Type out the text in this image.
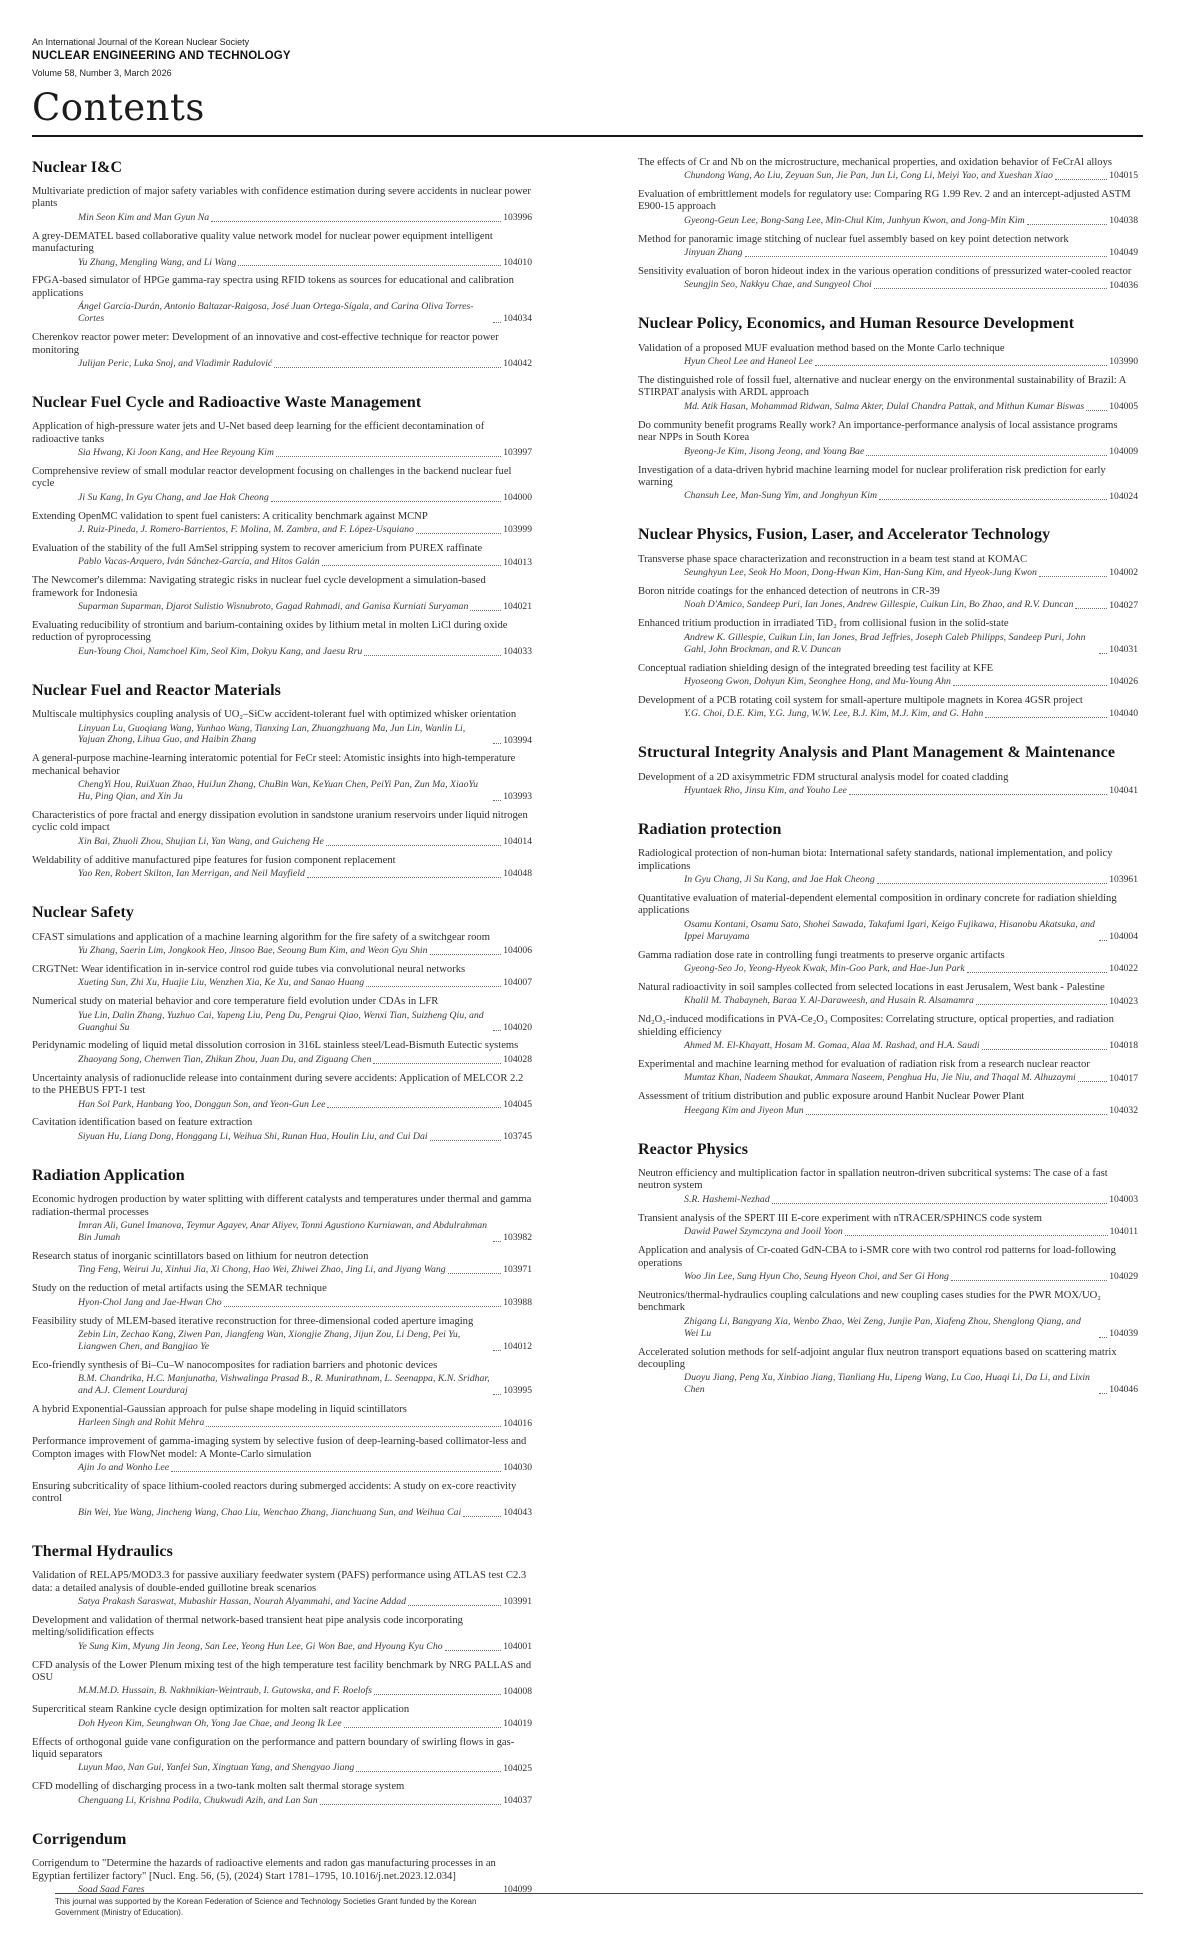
An International Journal of the Korean Nuclear Society
NUCLEAR ENGINEERING AND TECHNOLOGY
Volume 58, Number 3, March 2026
Contents
Nuclear I&C
Multivariate prediction of major safety variables with confidence estimation during severe accidents in nuclear power plants
Min Seon Kim and Man Gyun Na	103996
A grey-DEMATEL based collaborative quality value network model for nuclear power equipment intelligent manufacturing
Yu Zhang, Mengling Wang, and Li Wang	104010
FPGA-based simulator of HPGe gamma-ray spectra using RFID tokens as sources for educational and calibration applications
Ángel García-Durán, Antonio Baltazar-Raigosa, José Juan Ortega-Sígala, and Carina Oliva Torres-Cortes	104034
Cherenkov reactor power meter: Development of an innovative and cost-effective technique for reactor power monitoring
Julijan Peric, Luka Snoj, and Vladimir Radulović	104042
Nuclear Fuel Cycle and Radioactive Waste Management
Application of high-pressure water jets and U-Net based deep learning for the efficient decontamination of radioactive tanks
Sia Hwang, Ki Joon Kang, and Hee Reyoung Kim	103997
Comprehensive review of small modular reactor development focusing on challenges in the backend nuclear fuel cycle
Ji Su Kang, In Gyu Chang, and Jae Hak Cheong	104000
Extending OpenMC validation to spent fuel canisters: A criticality benchmark against MCNP
J. Ruiz-Pineda, J. Romero-Barrientos, F. Molina, M. Zambra, and F. López-Usquiano	103999
Evaluation of the stability of the full AmSel stripping system to recover americium from PUREX raffinate
Pablo Vacas-Arquero, Iván Sánchez-García, and Hitos Galán	104013
The Newcomer's dilemma: Navigating strategic risks in nuclear fuel cycle development a simulation-based framework for Indonesia
Suparman Suparman, Djarot Sulistio Wisnubroto, Gagad Rahmadi, and Ganisa Kurniati Suryaman	104021
Evaluating reducibility of strontium and barium-containing oxides by lithium metal in molten LiCl during oxide reduction of pyroprocessing
Eun-Young Choi, Namchoel Kim, Seol Kim, Dokyu Kang, and Jaesu Rru	104033
Nuclear Fuel and Reactor Materials
Multiscale multiphysics coupling analysis of UO₂–SiCw accident-tolerant fuel with optimized whisker orientation
Linyuan Lu, Guoqiang Wang, Yunhao Wang, Tianxing Lan, Zhuangzhuang Ma, Jun Lin, Wanlin Li, Yajuan Zhong, Lihua Guo, and Haibin Zhang	103994
A general-purpose machine-learning interatomic potential for FeCr steel: Atomistic insights into high-temperature mechanical behavior
ChengYi Hou, RuiXuan Zhao, HuiJun Zhang, ChuBin Wan, KeYuan Chen, PeiYi Pan, Zun Ma, XiaoYu Hu, Ping Qian, and Xin Ju	103993
Characteristics of pore fractal and energy dissipation evolution in sandstone uranium reservoirs under liquid nitrogen cyclic cold impact
Xin Bai, Zhuoli Zhou, Shujian Li, Yan Wang, and Guicheng He	104014
Weldability of additive manufactured pipe features for fusion component replacement
Yao Ren, Robert Skilton, Ian Merrigan, and Neil Mayfield	104048
Nuclear Safety
CFAST simulations and application of a machine learning algorithm for the fire safety of a switchgear room
Yu Zhang, Saerin Lim, Jongkook Heo, Jinsoo Bae, Seoung Bum Kim, and Weon Gyu Shin	104006
CRGTNet: Wear identification in in-service control rod guide tubes via convolutional neural networks
Xueting Sun, Zhi Xu, Huajie Liu, Wenzhen Xia, Ke Xu, and Sanao Huang	104007
Numerical study on material behavior and core temperature field evolution under CDAs in LFR
Yue Lin, Dalin Zhang, Yuzhuo Cai, Yapeng Liu, Peng Du, Pengrui Qiao, Wenxi Tian, Suizheng Qiu, and Guanghui Su	104020
Peridynamic modeling of liquid metal dissolution corrosion in 316L stainless steel/Lead-Bismuth Eutectic systems
Zhaoyang Song, Chenwen Tian, Zhikun Zhou, Juan Du, and Ziguang Chen	104028
Uncertainty analysis of radionuclide release into containment during severe accidents: Application of MELCOR 2.2 to the PHEBUS FPT-1 test
Han Sol Park, Hanbang Yoo, Donggun Son, and Yeon-Gun Lee	104045
Cavitation identification based on feature extraction
Siyuan Hu, Liang Dong, Honggang Li, Weihua Shi, Runan Hua, Houlin Liu, and Cui Dai	103745
Radiation Application
Economic hydrogen production by water splitting with different catalysts and temperatures under thermal and gamma radiation-thermal processes
Imran Ali, Gunel Imanova, Teymur Agayev, Anar Aliyev, Tonni Agustiono Kurniawan, and Abdulrahman Bin Jumah	103982
Research status of inorganic scintillators based on lithium for neutron detection
Ting Feng, Weirui Ju, Xinhui Jia, Xi Chong, Hao Wei, Zhiwei Zhao, Jing Li, and Jiyang Wang	103971
Study on the reduction of metal artifacts using the SEMAR technique
Hyon-Chol Jang and Jae-Hwan Cho	103988
Feasibility study of MLEM-based iterative reconstruction for three-dimensional coded aperture imaging
Zebin Lin, Zechao Kang, Ziwen Pan, Jiangfeng Wan, Xiongjie Zhang, Jijun Zou, Li Deng, Pei Yu, Liangwen Chen, and Bangjiao Ye	104012
Eco-friendly synthesis of Bi–Cu–W nanocomposites for radiation barriers and photonic devices
B.M. Chandrika, H.C. Manjunatha, Vishwalinga Prasad B., R. Munirathnam, L. Seenappa, K.N. Sridhar, and A.J. Clement Lourduraj	103995
A hybrid Exponential-Gaussian approach for pulse shape modeling in liquid scintillators
Harleen Singh and Rohit Mehra	104016
Performance improvement of gamma-imaging system by selective fusion of deep-learning-based collimator-less and Compton images with FlowNet model: A Monte-Carlo simulation
Ajin Jo and Wonho Lee	104030
Ensuring subcriticality of space lithium-cooled reactors during submerged accidents: A study on ex-core reactivity control
Bin Wei, Yue Wang, Jincheng Wang, Chao Liu, Wenchao Zhang, Jianchuang Sun, and Weihua Cai	104043
Thermal Hydraulics
Validation of RELAP5/MOD3.3 for passive auxiliary feedwater system (PAFS) performance using ATLAS test C2.3 data: a detailed analysis of double-ended guillotine break scenarios
Satya Prakash Saraswat, Mubashir Hassan, Nourah Alyammahi, and Yacine Addad	103991
Development and validation of thermal network-based transient heat pipe analysis code incorporating melting/solidification effects
Ye Sung Kim, Myung Jin Jeong, San Lee, Yeong Hun Lee, Gi Won Bae, and Hyoung Kyu Cho	104001
CFD analysis of the Lower Plenum mixing test of the high temperature test facility benchmark by NRG PALLAS and OSU
M.M.M.D. Hussain, B. Nakhnikian-Weintraub, I. Gutowska, and F. Roelofs	104008
Supercritical steam Rankine cycle design optimization for molten salt reactor application
Doh Hyeon Kim, Seunghwan Oh, Yong Jae Chae, and Jeong Ik Lee	104019
Effects of orthogonal guide vane configuration on the performance and pattern boundary of swirling flows in gas-liquid separators
Luyun Mao, Nan Gui, Yanfei Sun, Xingtuan Yang, and Shengyao Jiang	104025
CFD modelling of discharging process in a two-tank molten salt thermal storage system
Chenguang Li, Krishna Podila, Chukwudi Azih, and Lan Sun	104037
Corrigendum
Corrigendum to "Determine the hazards of radioactive elements and radon gas manufacturing processes in an Egyptian fertilizer factory" [Nucl. Eng. 56, (5), (2024) Start 1781–1795, 10.1016/j.net.2023.12.034]
Soad Saad Fares	104099
The effects of Cr and Nb on the microstructure, mechanical properties, and oxidation behavior of FeCrAl alloys
Chundong Wang, Ao Liu, Zeyuan Sun, Jie Pan, Jun Li, Cong Li, Meiyi Yao, and Xueshan Xiao	104015
Evaluation of embrittlement models for regulatory use: Comparing RG 1.99 Rev. 2 and an intercept-adjusted ASTM E900-15 approach
Gyeong-Geun Lee, Bong-Sang Lee, Min-Chul Kim, Junhyun Kwon, and Jong-Min Kim	104038
Method for panoramic image stitching of nuclear fuel assembly based on key point detection network
Jinyuan Zhang	104049
Sensitivity evaluation of boron hideout index in the various operation conditions of pressurized water-cooled reactor
Seungjin Seo, Nakkyu Chae, and Sungyeol Choi	104036
Nuclear Policy, Economics, and Human Resource Development
Validation of a proposed MUF evaluation method based on the Monte Carlo technique
Hyun Cheol Lee and Haneol Lee	103990
The distinguished role of fossil fuel, alternative and nuclear energy on the environmental sustainability of Brazil: A STIRPAT analysis with ARDL approach
Md. Atik Hasan, Mohammad Ridwan, Salma Akter, Dulal Chandra Pattak, and Mithun Kumar Biswas	104005
Do community benefit programs Really work? An importance-performance analysis of local assistance programs near NPPs in South Korea
Byeong-Je Kim, Jisong Jeong, and Young Bae	104009
Investigation of a data-driven hybrid machine learning model for nuclear proliferation risk prediction for early warning
Chansuh Lee, Man-Sung Yim, and Jonghyun Kim	104024
Nuclear Physics, Fusion, Laser, and Accelerator Technology
Transverse phase space characterization and reconstruction in a beam test stand at KOMAC
Seunghyun Lee, Seok Ho Moon, Dong-Hwan Kim, Han-Sung Kim, and Hyeok-Jung Kwon	104002
Boron nitride coatings for the enhanced detection of neutrons in CR-39
Noah D'Amico, Sandeep Puri, Ian Jones, Andrew Gillespie, Cuikun Lin, Bo Zhao, and R.V. Duncan	104027
Enhanced tritium production in irradiated TiD₂ from collisional fusion in the solid-state
Andrew K. Gillespie, Cuikun Lin, Ian Jones, Brad Jeffries, Joseph Caleb Philipps, Sandeep Puri, John Gahl, John Brockman, and R.V. Duncan	104031
Conceptual radiation shielding design of the integrated breeding test facility at KFE
Hyoseong Gwon, Dohyun Kim, Seonghee Hong, and Mu-Young Ahn	104026
Development of a PCB rotating coil system for small-aperture multipole magnets in Korea 4GSR project
Y.G. Choi, D.E. Kim, Y.G. Jung, W.W. Lee, B.J. Kim, M.J. Kim, and G. Hahn	104040
Structural Integrity Analysis and Plant Management & Maintenance
Development of a 2D axisymmetric FDM structural analysis model for coated cladding
Hyuntaek Rho, Jinsu Kim, and Youho Lee	104041
Radiation protection
Radiological protection of non-human biota: International safety standards, national implementation, and policy implications
In Gyu Chang, Ji Su Kang, and Jae Hak Cheong	103961
Quantitative evaluation of material-dependent elemental composition in ordinary concrete for radiation shielding applications
Osamu Kontani, Osamu Sato, Shohei Sawada, Takafumi Igari, Keigo Fujikawa, Hisanobu Akatsuka, and Ippei Maruyama	104004
Gamma radiation dose rate in controlling fungi treatments to preserve organic artifacts
Gyeong-Seo Jo, Yeong-Hyeok Kwak, Min-Goo Park, and Hae-Jun Park	104022
Natural radioactivity in soil samples collected from selected locations in east Jerusalem, West bank - Palestine
Khalil M. Thabayneh, Baraa Y. Al-Daraweesh, and Husain R. Alsamamra	104023
Nd₂O₃-induced modifications in PVA-Ce₂O₃ Composites: Correlating structure, optical properties, and radiation shielding efficiency
Ahmed M. El-Khayatt, Hosam M. Gomaa, Alaa M. Rashad, and H.A. Saudi	104018
Experimental and machine learning method for evaluation of radiation risk from a research nuclear reactor
Mumtaz Khan, Nadeem Shaukat, Ammara Naseem, Penghua Hu, Jie Niu, and Thaqal M. Alhuzaymi	104017
Assessment of tritium distribution and public exposure around Hanbit Nuclear Power Plant
Heegang Kim and Jiyeon Mun	104032
Reactor Physics
Neutron efficiency and multiplication factor in spallation neutron-driven subcritical systems: The case of a fast neutron system
S.R. Hashemi-Nezhad	104003
Transient analysis of the SPERT III E-core experiment with nTRACER/SPHINCS code system
Dawid Paweł Szymczyna and Jooil Yoon	104011
Application and analysis of Cr-coated GdN-CBA to i-SMR core with two control rod patterns for load-following operations
Woo Jin Lee, Sung Hyun Cho, Seung Hyeon Choi, and Ser Gi Hong	104029
Neutronics/thermal-hydraulics coupling calculations and new coupling cases studies for the PWR MOX/UO₂ benchmark
Zhigang Li, Bangyang Xia, Wenbo Zhao, Wei Zeng, Junjie Pan, Xiafeng Zhou, Shenglong Qiang, and Wei Lu	104039
Accelerated solution methods for self-adjoint angular flux neutron transport equations based on scattering matrix decoupling
Duoyu Jiang, Peng Xu, Xinbiao Jiang, Tianliang Hu, Lipeng Wang, Lu Cao, Huaqi Li, Da Li, and Lixin Chen	104046

This journal was supported by the Korean Federation of Science and Technology Societies Grant funded by the Korean Government (Ministry of Education).
